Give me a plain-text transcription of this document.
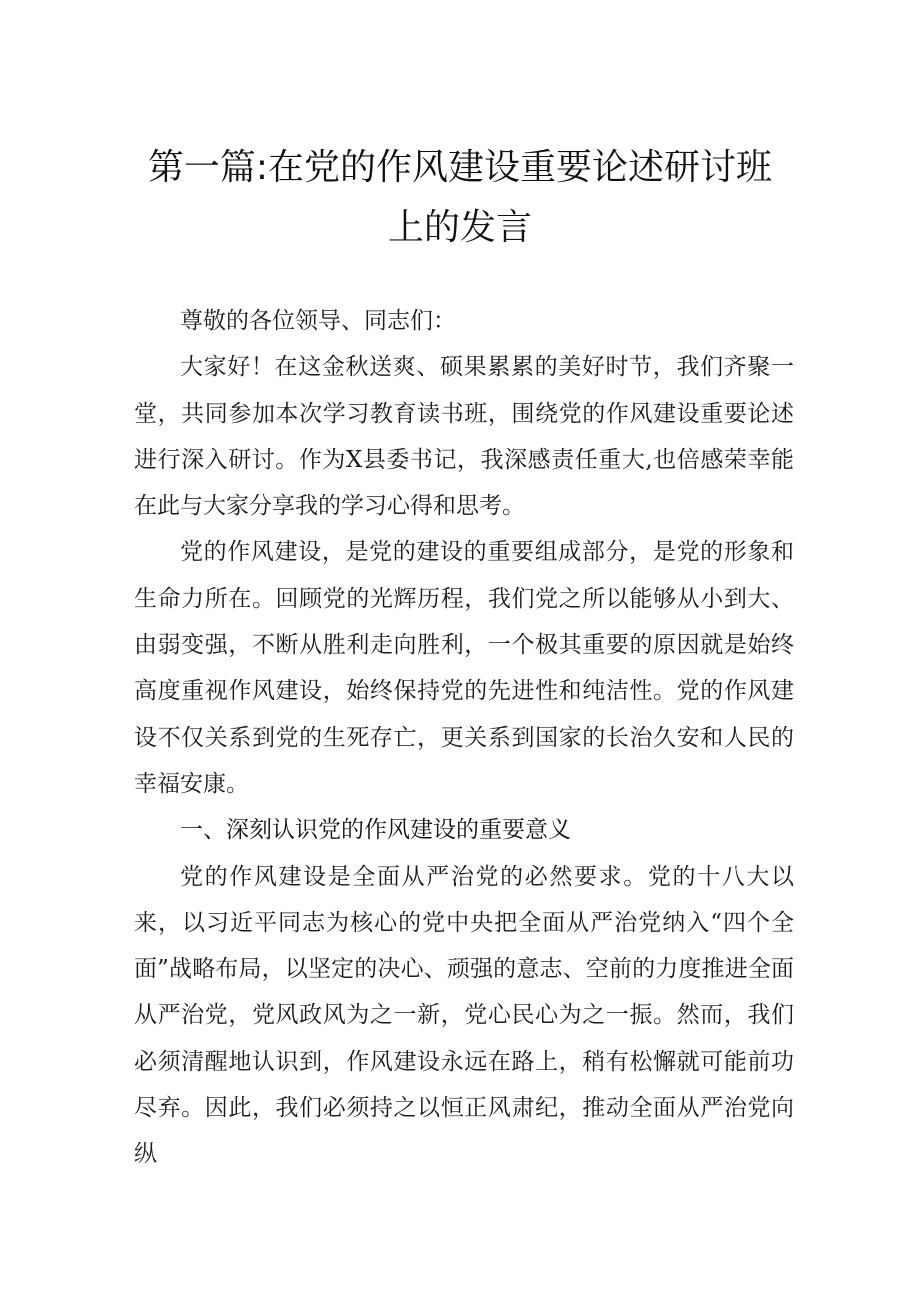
第一篇:在党的作风建设重要论述研讨班
上的发言

尊敬的各位领导、同志们：

大家好！在这金秋送爽、硕果累累的美好时节，我们齐聚一堂，共同参加本次学习教育读书班，围绕党的作风建设重要论述进行深入研讨。作为X县委书记，我深感责任重大,也倍感荣幸能在此与大家分享我的学习心得和思考。

党的作风建设，是党的建设的重要组成部分，是党的形象和生命力所在。回顾党的光辉历程，我们党之所以能够从小到大、由弱变强，不断从胜利走向胜利，一个极其重要的原因就是始终高度重视作风建设，始终保持党的先进性和纯洁性。党的作风建设不仅关系到党的生死存亡，更关系到国家的长治久安和人民的幸福安康。

一、深刻认识党的作风建设的重要意义

党的作风建设是全面从严治党的必然要求。党的十八大以来，以习近平同志为核心的党中央把全面从严治党纳入“四个全面”战略布局，以坚定的决心、顽强的意志、空前的力度推进全面从严治党，党风政风为之一新，党心民心为之一振。然而，我们必须清醒地认识到，作风建设永远在路上，稍有松懈就可能前功尽弃。因此，我们必须持之以恒正风肃纪，推动全面从严治党向纵
